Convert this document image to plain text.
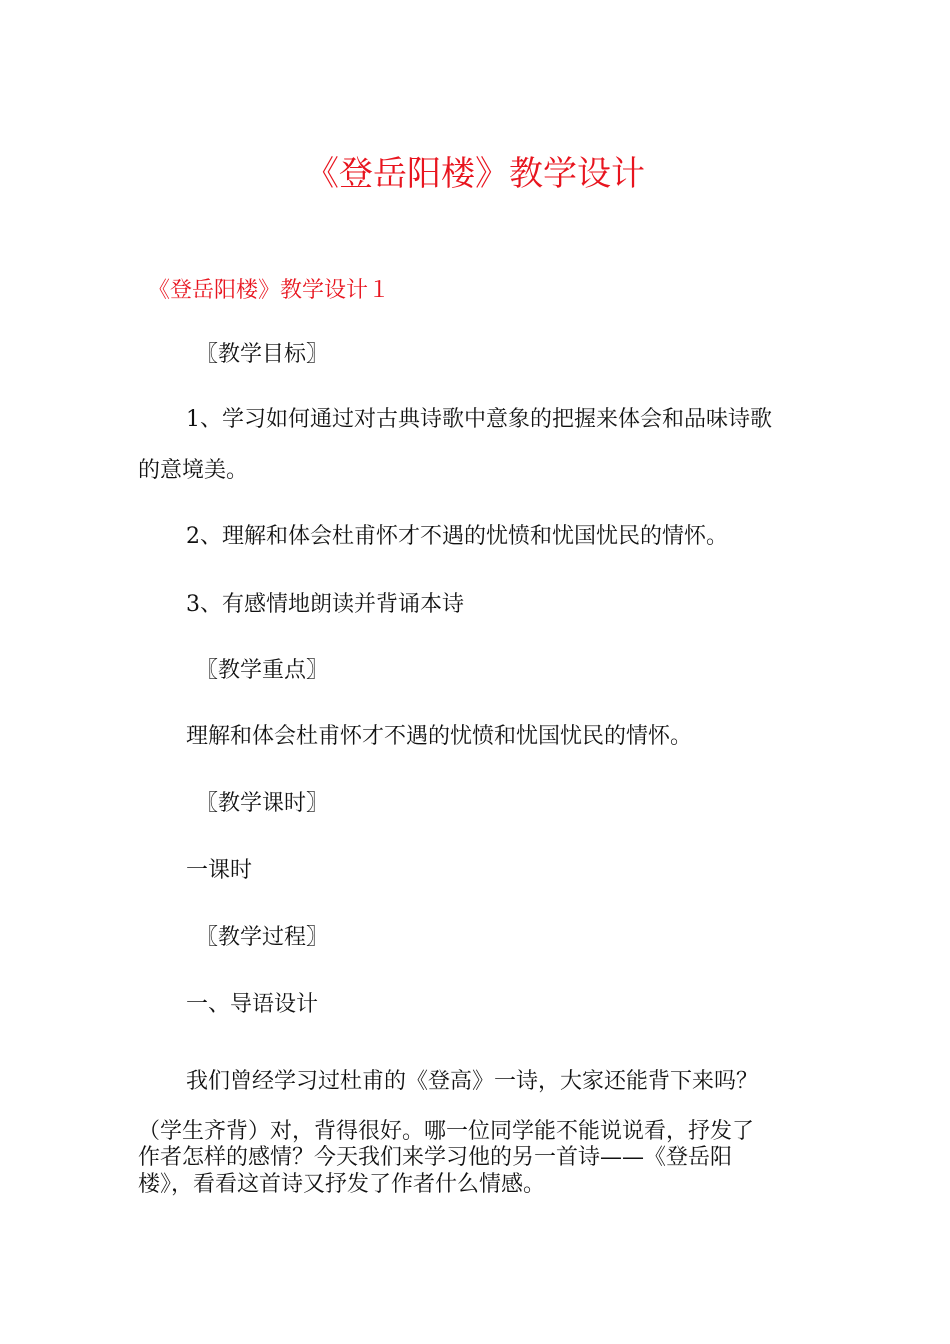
《登岳阳楼》教学设计
《登岳阳楼》教学设计１

〖教学目标〗

1、学习如何通过对古典诗歌中意象的把握来体会和品味诗歌

的意境美。

2、理解和体会杜甫怀才不遇的忧愤和忧国忧民的情怀。

3、有感情地朗读并背诵本诗

〖教学重点〗

理解和体会杜甫怀才不遇的忧愤和忧国忧民的情怀。

〖教学课时〗

一课时

〖教学过程〗

一、导语设计

我们曾经学习过杜甫的《登高》一诗，大家还能背下来吗？

（学生齐背）对，背得很好。哪一位同学能不能说说看，抒发了

作者怎样的感情？今天我们来学习他的另一首诗——《登岳阳

楼》，看看这首诗又抒发了作者什么情感。
